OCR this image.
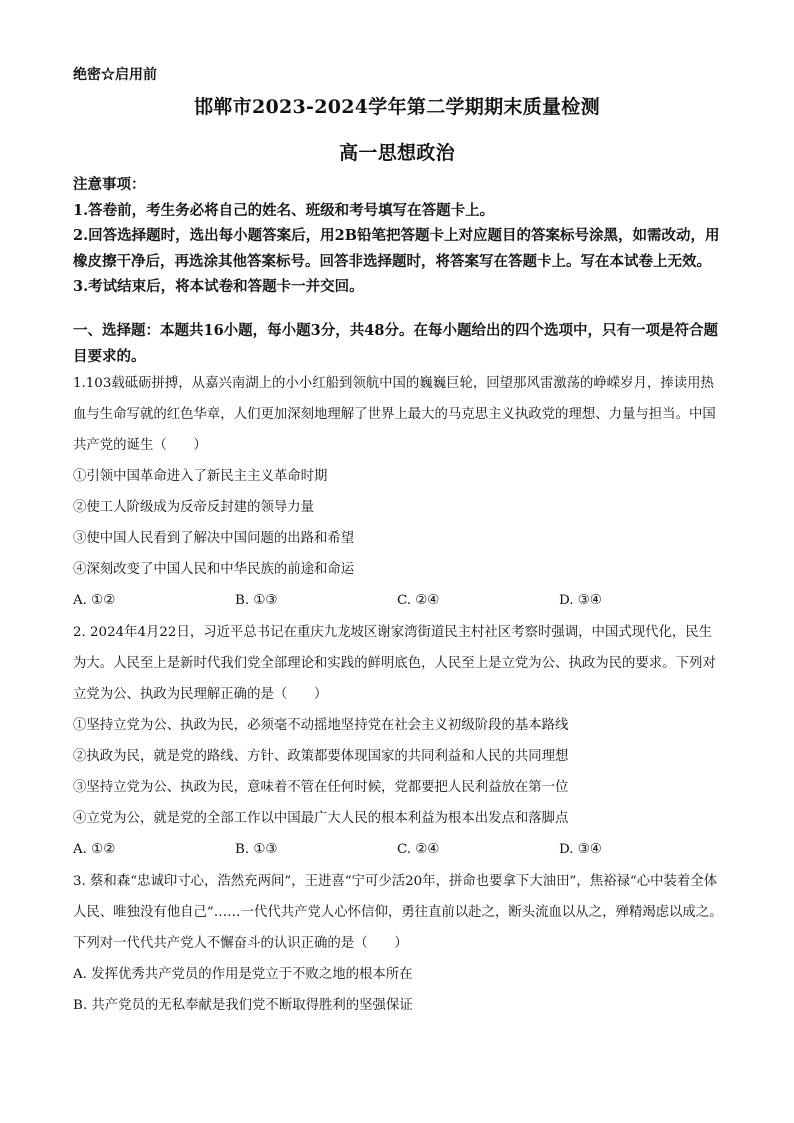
绝密☆启用前
邯郸市2023-2024学年第二学期期末质量检测
高一思想政治

注意事项：

1.答卷前，考生务必将自己的姓名、班级和考号填写在答题卡上。

2.回答选择题时，选出每小题答案后，用2B铅笔把答题卡上对应题目的答案标号涂黑，如需改动，用橡皮擦干净后，再选涂其他答案标号。回答非选择题时，将答案写在答题卡上。写在本试卷上无效。

3.考试结束后，将本试卷和答题卡一并交回。

一、选择题：本题共16小题，每小题3分，共48分。在每小题给出的四个选项中，只有一项是符合题目要求的。

1.103载砥砺拼搏，从嘉兴南湖上的小小红船到领航中国的巍巍巨轮，回望那风雷激荡的峥嵘岁月，捧读用热血与生命写就的红色华章，人们更加深刻地理解了世界上最大的马克思主义执政党的理想、力量与担当。中国共产党的诞生（　　）

①引领中国革命进入了新民主主义革命时期

②使工人阶级成为反帝反封建的领导力量

③使中国人民看到了解决中国问题的出路和希望

④深刻改变了中国人民和中华民族的前途和命运

A. ①②	B. ①③	C. ②④	D. ③④

2. 2024年4月22日，习近平总书记在重庆九龙坡区谢家湾街道民主村社区考察时强调，中国式现代化，民生为大。人民至上是新时代我们党全部理论和实践的鲜明底色，人民至上是立党为公、执政为民的要求。下列对立党为公、执政为民理解正确的是（　　）

①坚持立党为公、执政为民，必须毫不动摇地坚持党在社会主义初级阶段的基本路线

②执政为民，就是党的路线、方针、政策都要体现国家的共同利益和人民的共同理想

③坚持立党为公、执政为民，意味着不管在任何时候，党都要把人民利益放在第一位

④立党为公，就是党的全部工作以中国最广大人民的根本利益为根本出发点和落脚点

A. ①②	B. ①③	C. ②④	D. ③④

3. 蔡和森“忠诚印寸心，浩然充两间”，王进喜“宁可少活20年，拼命也要拿下大油田”，焦裕禄“心中装着全体人民、唯独没有他自己”……一代代共产党人心怀信仰，勇往直前以赴之，断头流血以从之，殚精竭虑以成之。下列对一代代共产党人不懈奋斗的认识正确的是（　　）

A. 发挥优秀共产党员的作用是党立于不败之地的根本所在

B. 共产党员的无私奉献是我们党不断取得胜利的坚强保证
